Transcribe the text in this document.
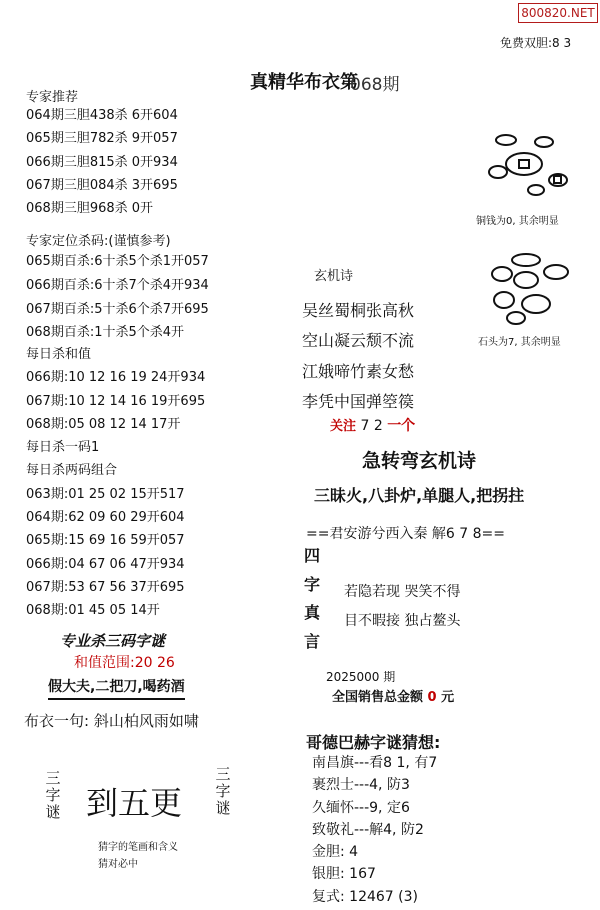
800820.NET
免费双胆:8 3
真精华布衣第
068期
专家推荐
064期三胆438杀 6开604
065期三胆782杀 9开057
066期三胆815杀 0开934
067期三胆084杀 3开695
068期三胆968杀 0开
专家定位杀码:(谨慎参考)
065期百杀:6十杀5个杀1开057
066期百杀:6十杀7个杀4开934
067期百杀:5十杀6个杀7开695
068期百杀:1十杀5个杀4开
每日杀和值
066期:10 12 16 19 24开934
067期:10 12 14 16 19开695
068期:05 08 12 14 17开
每日杀一码1
每日杀两码组合
063期:01 25 02 15开517
064期:62 09 60 29开604
065期:15 69 16 59开057
066期:04 67 06 47开934
067期:53 67 56 37开695
068期:01 45 05 14开
专业杀三码字谜
和值范围:20 26
假大夫,二把刀,喝药酒
布衣一句: 斜山柏风雨如啸
三字谜
三字谜
到五更
猜字的笔画和含义
猜对必中
铜钱为0, 其余明显
石头为7, 其余明显
玄机诗
吴丝蜀桐张高秋
空山凝云颓不流
江娥啼竹素女愁
李凭中国弹箜篌
关注 7 2 一个
急转弯玄机诗
三昧火,八卦炉,单腿人,把拐拄
==君安游兮西入秦 解6 7 8==
四
字
真
言
若隐若现 哭笑不得
目不暇接 独占鳌头
2025000 期
全国销售总金额 0 元
哥德巴赫字谜猜想:
南昌旗---看8 1, 有7
裹烈士---4, 防3
久缅怀---9, 定6
致敬礼---解4, 防2
金胆: 4
银胆: 167
复式: 12467 (3)
